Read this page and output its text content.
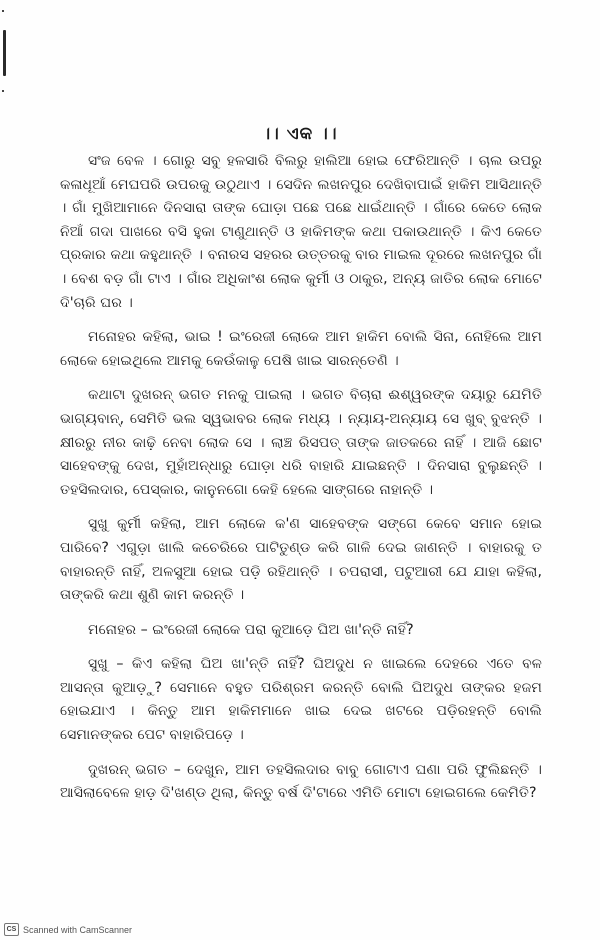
।। ଏକ ।।

ସଂଜ ବେଳ । ଗୋରୁ ସବୁ ହଳସାରି ବିଲରୁ ହାଲିଆ ହୋଇ ଫେରିଆନ୍ତି । ଚାଲ ଉପରୁ କଳାଧୂଆଁ ମେଘପରି ଉପରକୁ ଉଠୁଥାଏ । ସେଦିନ ଲଖନପୁର ଦେଖିବାପାଇଁ ହାକିମ ଆସିଥାନ୍ତି । ଗାଁ ମୁଖିଆମାନେ ଦିନସାରା ତାଙ୍କ ଘୋଡ଼ା ପଛେ ପଛେ ଧାଇଁଥାନ୍ତି । ଗାଁରେ କେତେ ଲୋକ ନିଆଁ ଗଦା ପାଖରେ ବସି ହୁକା ଟାଣୁଥାନ୍ତି ଓ ହାକିମଙ୍କ କଥା ପକାଉଥାନ୍ତି । କିଏ କେତେ ପ୍ରକାର କଥା କହୁଥାନ୍ତି । ବନାରସ ସହରର ଉତ୍ତରକୁ ବାର ମାଇଲ ଦୂରରେ ଲଖନପୁର ଗାଁ । ବେଶ ବଡ଼ ଗାଁ ଟାଏ । ଗାଁର ଅଧିକାଂଶ ଲୋକ କୁର୍ମୀ ଓ ଠାକୁର, ଅନ୍ୟ ଜାତିର ଲୋକ ମୋଟେ ଦି'ଚାରି ଘର ।

ମନୋହର କହିଲା, ଭାଇ ! ଇଂରେଜୀ ଲୋକେ ଆମ ହାକିମ ବୋଲି ସିନା, ନୋହିଲେ ଆମ ଲୋକେ ହୋଇଥିଲେ ଆମକୁ କେଉଁକାଳୁ ପେଷି ଖାଇ ସାରନ୍ତେଣି ।

କଥାଟା ଦୁଖରନ୍ ଭଗତ ମନକୁ ପାଇଲା । ଭଗତ ବିଚାରା ଈଶ୍ୱରଙ୍କ ଦୟାରୁ ଯେମିତି ଭାଗ୍ୟବାନ୍, ସେମିତି ଭଲ ସ୍ୱଭାବର ଲୋକ ମଧ୍ୟ । ନ୍ୟାୟ-ଅନ୍ୟାୟ ସେ ଖୁବ୍ ବୁଝନ୍ତି । କ୍ଷୀରରୁ ନୀର କାଢ଼ି ନେବା ଲୋକ ସେ । ଲାଞ୍ଚ ରିସପତ୍ ତାଙ୍କ ଜାତକରେ ନାହିଁ । ଆଜି ଛୋଟ ସାହେବଙ୍କୁ ଦେଖ, ମୁହାଁଅନ୍ଧାରୁ ଘୋଡ଼ା ଧରି ବାହାରି ଯାଇଛନ୍ତି । ଦିନସାରା ବୁଲୁଛନ୍ତି । ତହସିଲଦାର, ପେସ୍କାର, କାନୁନଗୋ କେହି ହେଲେ ସାଙ୍ଗରେ ନାହାନ୍ତି ।

ସୁଖୁ କୁର୍ମୀ କହିଲା, ଆମ ଲୋକେ କ'ଣ ସାହେବଙ୍କ ସଙ୍ଗେ କେବେ ସମାନ ହୋଇ ପାରିବେ? ଏଗୁଡ଼ା ଖାଲି କଚେରିରେ ପାଟିତୁଣ୍ଡ କରି ଗାଳି ଦେଇ ଜାଣନ୍ତି । ବାହାରକୁ ତ ବାହାରନ୍ତି ନାହିଁ, ଅଳସୁଆ ହୋଇ ପଡ଼ି ରହିଥାନ୍ତି । ଚପରାସୀ, ପଟୁଆରୀ ଯେ ଯାହା କହିଲା, ତାଙ୍କରି କଥା ଶୁଣି କାମ କରନ୍ତି ।

ମନୋହର – ଇଂରେଜୀ ଲୋକେ ପରା କୁଆଡ଼େ ଘିଅ ଖା'ନ୍ତି ନାହିଁ?

ସୁଖୁ – କିଏ କହିଲା ଘିଅ ଖା'ନ୍ତି ନାହିଁ? ଘିଅଦୁଧ ନ ଖାଇଲେ ଦେହରେ ଏତେ ବଳ ଆସନ୍ତା କୁଆଡ଼ୁ? ସେମାନେ ବହୁତ ପରିଶ୍ରମ କରନ୍ତି ବୋଲି ଘିଅଦୁଧ ତାଙ୍କର ହଜମ ହୋଇଯାଏ । କିନ୍ତୁ ଆମ ହାକିମମାନେ ଖାଇ ଦେଇ ଖଟରେ ପଡ଼ିରହନ୍ତି ବୋଲି ସେମାନଙ୍କର ପେଟ ବାହାରିପଡ଼େ ।

ଦୁଖରନ୍ ଭଗତ – ଦେଖୁନ, ଆମ ତହସିଲଦାର ବାବୁ ଗୋଟାଏ ଘଣା ପରି ଫୁଲିଛନ୍ତି । ଆସିଲାବେଳେ ହାଡ଼ ଦି'ଖଣ୍ଡ ଥିଲା, କିନ୍ତୁ ବର୍ଷ ଦି'ଟାରେ ଏମିତି ମୋଟା ହୋଇଗଲେ କେମିତି?

CS Scanned with CamScanner
